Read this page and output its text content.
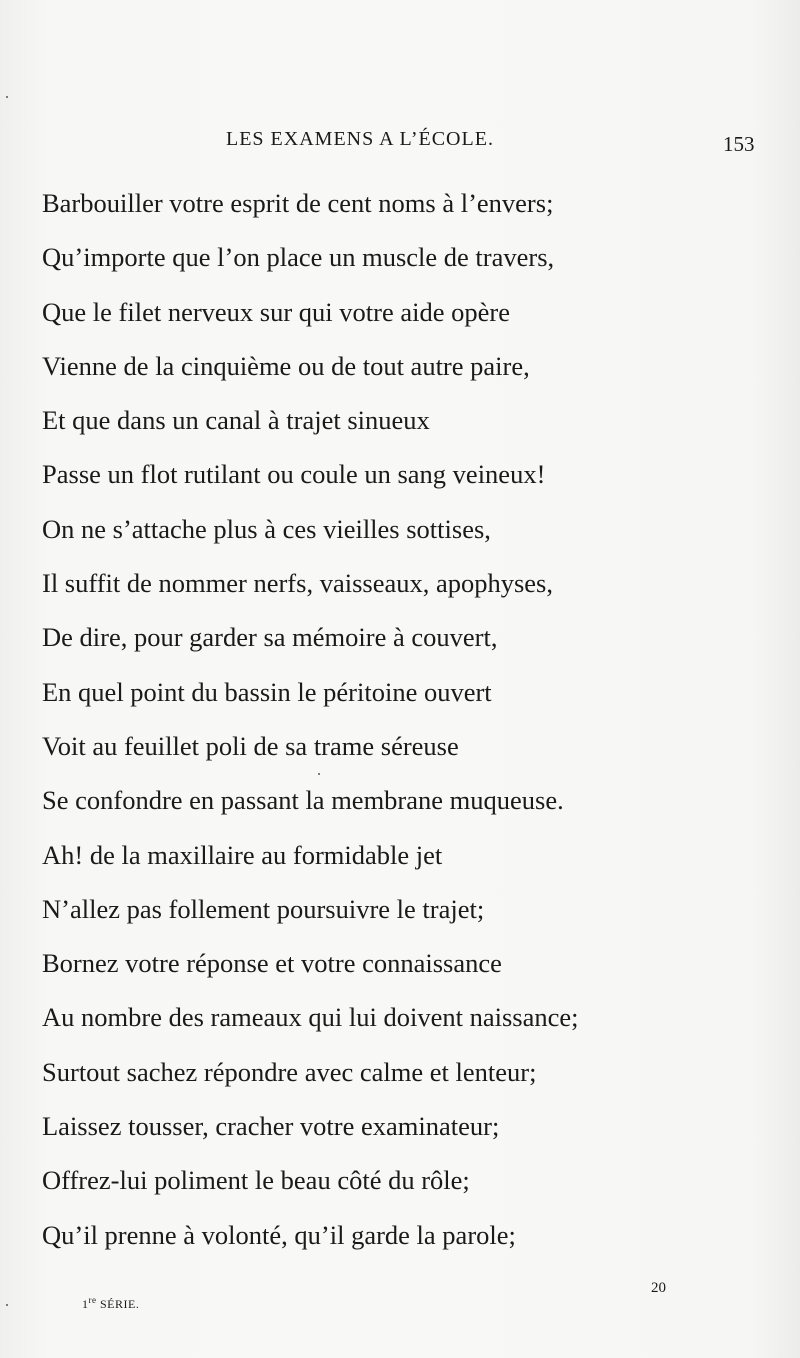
LES EXAMENS A L’ÉCOLE.	153
Barbouiller votre esprit de cent noms à l’envers;
Qu’importe que l’on place un muscle de travers,
Que le filet nerveux sur qui votre aide opère
Vienne de la cinquième ou de tout autre paire,
Et que dans un canal à trajet sinueux
Passe un flot rutilant ou coule un sang veineux!
On ne s’attache plus à ces vieilles sottises,
Il suffit de nommer nerfs, vaisseaux, apophyses,
De dire, pour garder sa mémoire à couvert,
En quel point du bassin le péritoine ouvert
Voit au feuillet poli de sa trame séreuse
Se confondre en passant la membrane muqueuse.
Ah! de la maxillaire au formidable jet
N’allez pas follement poursuivre le trajet;
Bornez votre réponse et votre connaissance
Au nombre des rameaux qui lui doivent naissance;
Surtout sachez répondre avec calme et lenteur;
Laissez tousser, cracher votre examinateur;
Offrez-lui poliment le beau côté du rôle;
Qu’il prenne à volonté, qu’il garde la parole;
1re SÉRIE.
20
